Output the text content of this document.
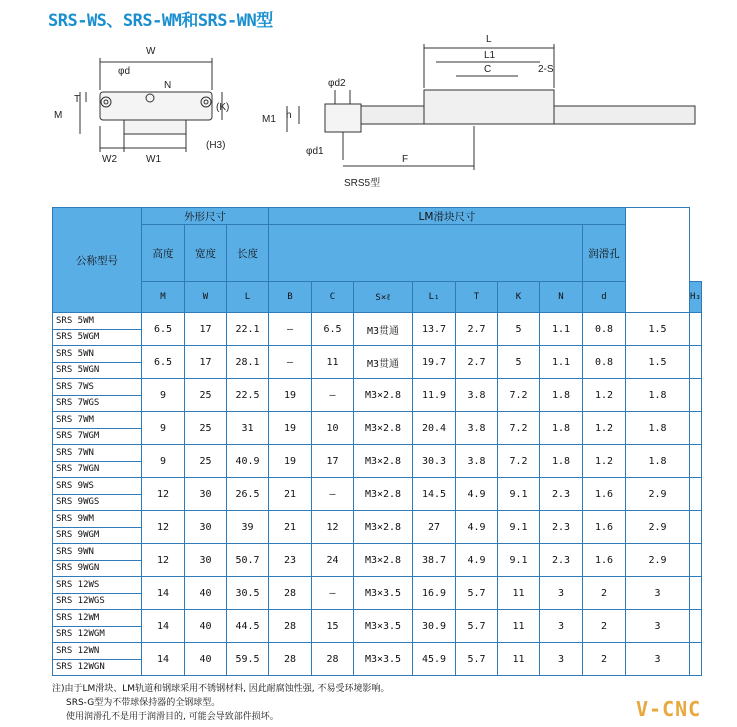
SRS-WS、SRS-WM和SRS-WN型
W
φd
N
T
M
(K)
(H3)
W2	W1
L
L1
C	2-S
φd2
M1 h
φd1
F
SRS5型
公称型号	外形尺寸			LM滑块尺寸									
	高度	宽度	长度								润滑孔		
	M	W	L	B	C	S×ℓ	L₁	T	K	N	d		H₃

SRS 5WM
SRS 5WGM	6.5	17	22.1	—	6.5	M3贯通	13.7	2.7	5	1.1	0.8	1.5	

SRS 5WN
SRS 5WGN	6.5	17	28.1	—	11	M3贯通	19.7	2.7	5	1.1	0.8	1.5	

SRS 7WS
SRS 7WGS	9	25	22.5	19	—	M3×2.8	11.9	3.8	7.2	1.8	1.2	1.8	

SRS 7WM
SRS 7WGM	9	25	31	19	10	M3×2.8	20.4	3.8	7.2	1.8	1.2	1.8	

SRS 7WN
SRS 7WGN	9	25	40.9	19	17	M3×2.8	30.3	3.8	7.2	1.8	1.2	1.8	

SRS 9WS
SRS 9WGS	12	30	26.5	21	—	M3×2.8	14.5	4.9	9.1	2.3	1.6	2.9	

SRS 9WM
SRS 9WGM	12	30	39	21	12	M3×2.8	27	4.9	9.1	2.3	1.6	2.9	

SRS 9WN
SRS 9WGN	12	30	50.7	23	24	M3×2.8	38.7	4.9	9.1	2.3	1.6	2.9	

SRS 12WS
SRS 12WGS	14	40	30.5	28	—	M3×3.5	16.9	5.7	11	3	2	3	

SRS 12WM
SRS 12WGM	14	40	44.5	28	15	M3×3.5	30.9	5.7	11	3	2	3	

SRS 12WN
SRS 12WGN	14	40	59.5	28	28	M3×3.5	45.9	5.7	11	3	2	3	
注)由于LM滑块、LM轨道和钢球采用不锈钢材料, 因此耐腐蚀性强, 不易受环境影响。
SRS-G型为不带球保持器的全钢球型。
使用润滑孔不是用于润滑目的, 可能会导致部件损坏。	V-CNC
